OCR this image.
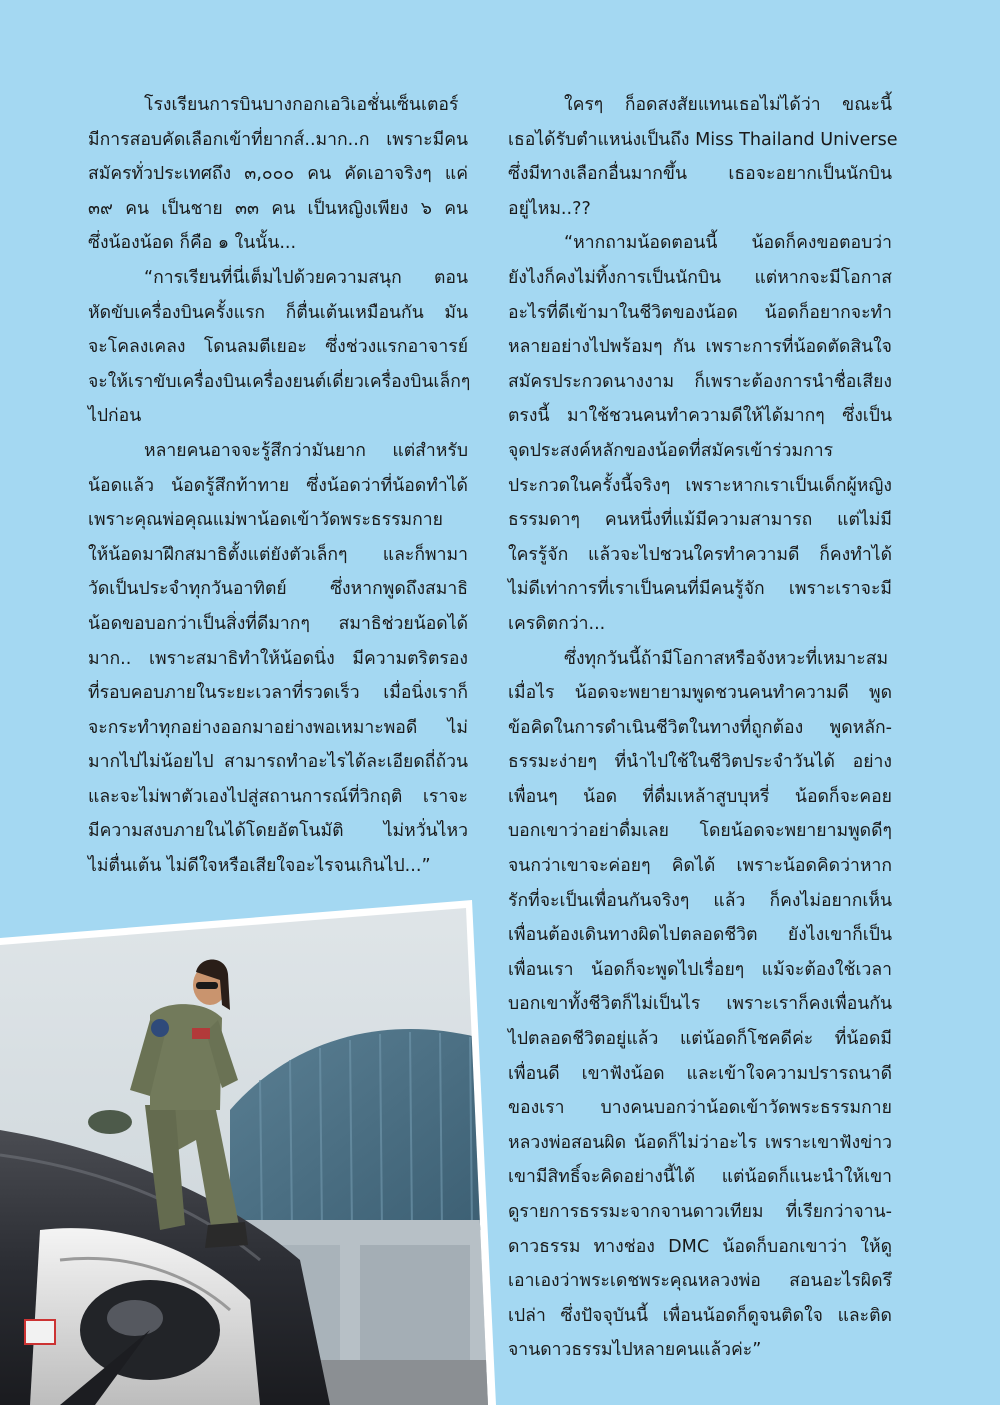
โรงเรียนการบินบางกอกเอวิเอชั่นเซ็นเตอร์
มีการสอบคัดเลือกเข้าที่ยากส์..มาก..ก เพราะมีคน
สมัครทั่วประเทศถึง ๓,๐๐๐ คน คัดเอาจริงๆ แค่
๓๙ คน เป็นชาย ๓๓ คน เป็นหญิงเพียง ๖ คน
ซึ่งน้องน้อด ก็คือ ๑ ในนั้น...

“การเรียนที่นี่เต็มไปด้วยความสนุก ตอน
หัดขับเครื่องบินครั้งแรก ก็ตื่นเต้นเหมือนกัน มัน
จะโคลงเคลง โดนลมตีเยอะ ซึ่งช่วงแรกอาจารย์
จะให้เราขับเครื่องบินเครื่องยนต์เดี่ยวเครื่องบินเล็กๆ
ไปก่อน

หลายคนอาจจะรู้สึกว่ามันยาก แต่สำหรับ
น้อดแล้ว น้อดรู้สึกท้าทาย ซึ่งน้อดว่าที่น้อดทำได้
เพราะคุณพ่อคุณแม่พาน้อดเข้าวัดพระธรรมกาย
ให้น้อดมาฝึกสมาธิตั้งแต่ยังตัวเล็กๆ และก็พามา
วัดเป็นประจำทุกวันอาทิตย์ ซึ่งหากพูดถึงสมาธิ
น้อดขอบอกว่าเป็นสิ่งที่ดีมากๆ สมาธิช่วยน้อดได้
มาก.. เพราะสมาธิทำให้น้อดนิ่ง มีความตริตรอง
ที่รอบคอบภายในระยะเวลาที่รวดเร็ว เมื่อนิ่งเราก็
จะกระทำทุกอย่างออกมาอย่างพอเหมาะพอดี ไม่
มากไปไม่น้อยไป สามารถทำอะไรได้ละเอียดถี่ถ้วน
และจะไม่พาตัวเองไปสู่สถานการณ์ที่วิกฤติ เราจะ
มีความสงบภายในได้โดยอัตโนมัติ ไม่หวั่นไหว
ไม่ตื่นเต้น ไม่ดีใจหรือเสียใจอะไรจนเกินไป...”

ใครๆ ก็อดสงสัยแทนเธอไม่ได้ว่า ขณะนี้
เธอได้รับตำแหน่งเป็นถึง Miss Thailand Universe
ซึ่งมีทางเลือกอื่นมากขึ้น เธอจะอยากเป็นนักบิน
อยู่ไหม..??

“หากถามน้อดตอนนี้ น้อดก็คงขอตอบว่า
ยังไงก็คงไม่ทิ้งการเป็นนักบิน แต่หากจะมีโอกาส
อะไรที่ดีเข้ามาในชีวิตของน้อด น้อดก็อยากจะทำ
หลายอย่างไปพร้อมๆ กัน เพราะการที่น้อดตัดสินใจ
สมัครประกวดนางงาม ก็เพราะต้องการนำชื่อเสียง
ตรงนี้ มาใช้ชวนคนทำความดีให้ได้มากๆ ซึ่งเป็น
จุดประสงค์หลักของน้อดที่สมัครเข้าร่วมการ
ประกวดในครั้งนี้จริงๆ เพราะหากเราเป็นเด็กผู้หญิง
ธรรมดาๆ คนหนึ่งที่แม้มีความสามารถ แต่ไม่มี
ใครรู้จัก แล้วจะไปชวนใครทำความดี ก็คงทำได้
ไม่ดีเท่าการที่เราเป็นคนที่มีคนรู้จัก เพราะเราจะมี
เครดิตกว่า...

ซึ่งทุกวันนี้ถ้ามีโอกาสหรือจังหวะที่เหมาะสม
เมื่อไร น้อดจะพยายามพูดชวนคนทำความดี พูด
ข้อคิดในการดำเนินชีวิตในทางที่ถูกต้อง พูดหลัก-
ธรรมะง่ายๆ ที่นำไปใช้ในชีวิตประจำวันได้ อย่าง
เพื่อนๆ น้อด ที่ดื่มเหล้าสูบบุหรี่ น้อดก็จะคอย
บอกเขาว่าอย่าดื่มเลย โดยน้อดจะพยายามพูดดีๆ
จนกว่าเขาจะค่อยๆ คิดได้ เพราะน้อดคิดว่าหาก
รักที่จะเป็นเพื่อนกันจริงๆ แล้ว ก็คงไม่อยากเห็น
เพื่อนต้องเดินทางผิดไปตลอดชีวิต ยังไงเขาก็เป็น
เพื่อนเรา น้อดก็จะพูดไปเรื่อยๆ แม้จะต้องใช้เวลา
บอกเขาทั้งชีวิตก็ไม่เป็นไร เพราะเราก็คงเพื่อนกัน
ไปตลอดชีวิตอยู่แล้ว แต่น้อดก็โชคดีค่ะ ที่น้อดมี
เพื่อนดี เขาฟังน้อด และเข้าใจความปรารถนาดี
ของเรา บางคนบอกว่าน้อดเข้าวัดพระธรรมกาย
หลวงพ่อสอนผิด น้อดก็ไม่ว่าอะไร เพราะเขาฟังข่าว
เขามีสิทธิ์จะคิดอย่างนี้ได้ แต่น้อดก็แนะนำให้เขา
ดูรายการธรรมะจากจานดาวเทียม ที่เรียกว่าจาน-
ดาวธรรม ทางช่อง DMC น้อดก็บอกเขาว่า ให้ดู
เอาเองว่าพระเดชพระคุณหลวงพ่อ สอนอะไรผิดรึ
เปล่า ซึ่งปัจจุบันนี้ เพื่อนน้อดก็ดูจนติดใจ และติด
จานดาวธรรมไปหลายคนแล้วค่ะ”
